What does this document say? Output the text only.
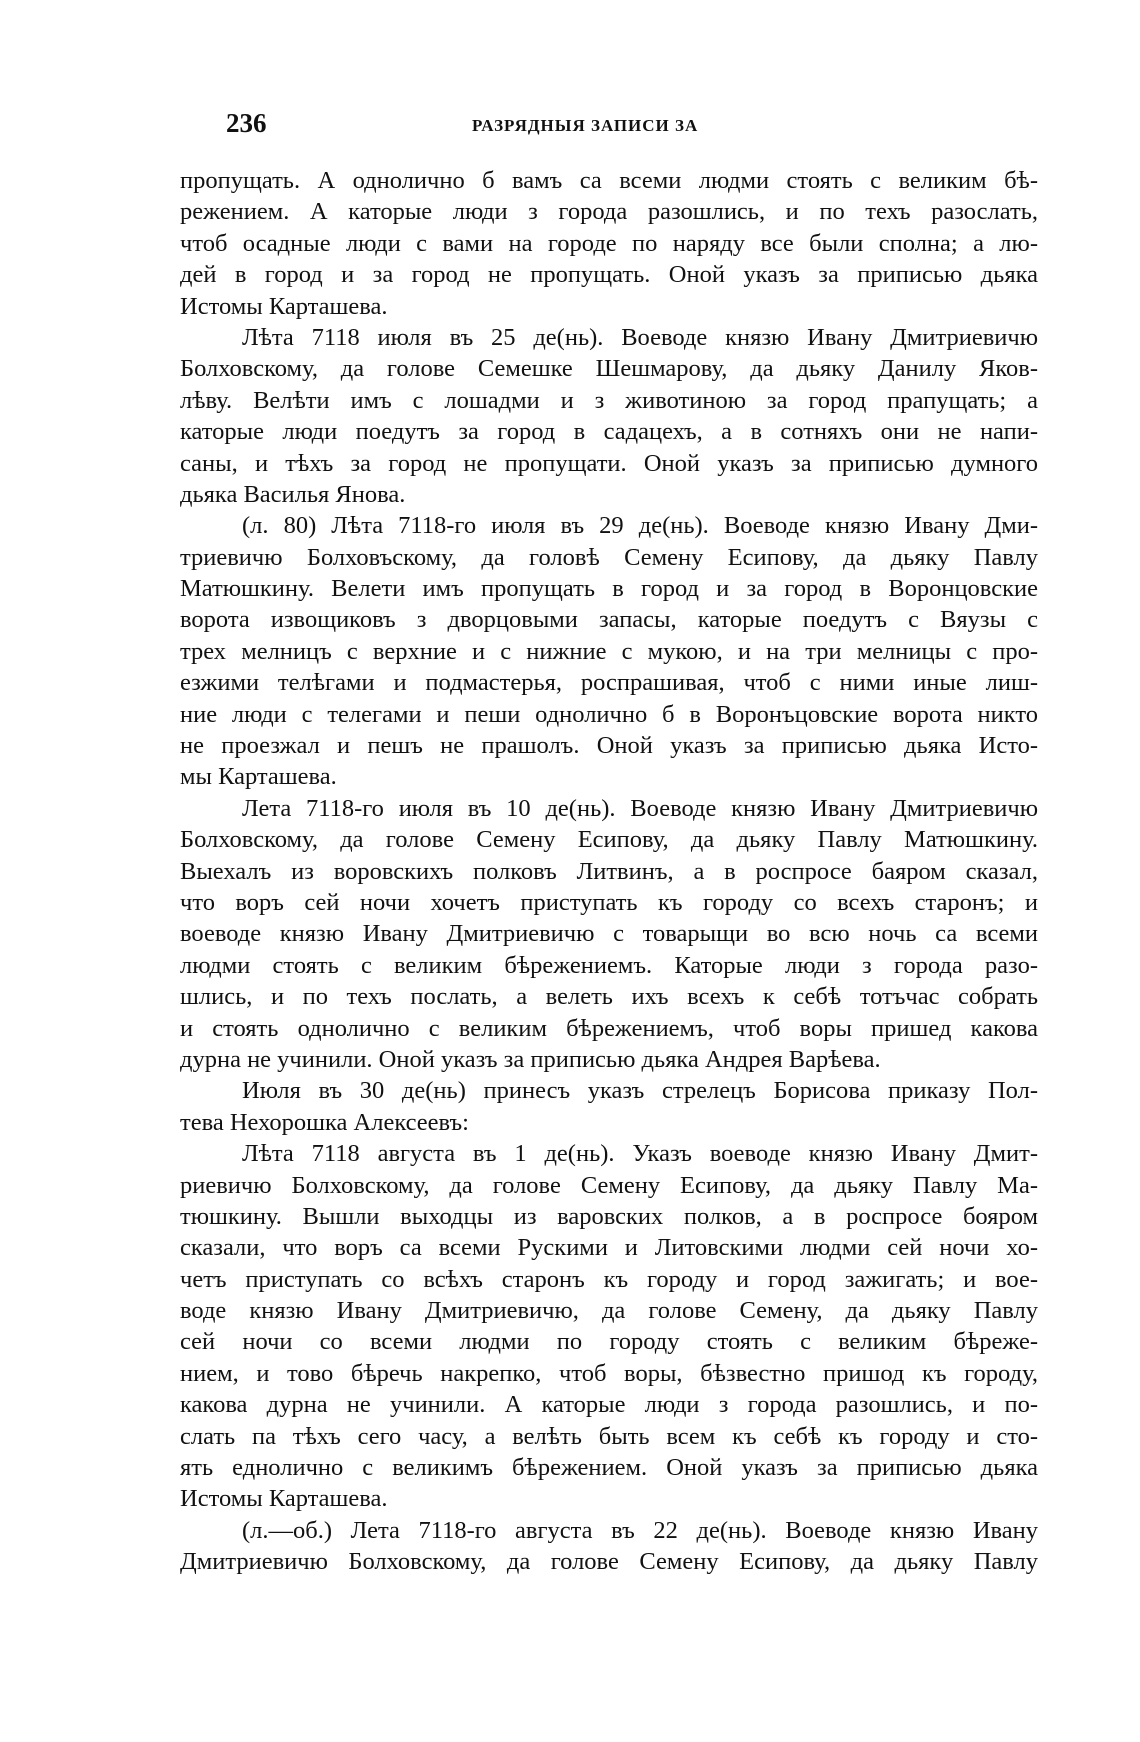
236	РАЗРЯДНЫЯ ЗАПИСИ ЗА
пропущать. А однолично б вамъ са всеми людми стоять с великим бѣ-
режением. А каторые люди з города разошлись, и по техъ разослать,
чтоб осадные люди с вами на городе по наряду все были сполна; а лю-
дей в город и за город не пропущать. Оной указъ за приписью дьяка
Истомы Карташева.
Лѣта 7118 июля въ 25 де(нь). Воеводе князю Ивану Дмитриевичю
Болховскому, да голове Семешке Шешмарову, да дьяку Данилу Яков-
лѣву. Велѣти имъ с лошадми и з животиною за город прапущать; а
каторые люди поедутъ за город в садацехъ, а в сотняхъ они не напи-
саны, и тѣхъ за город не пропущати. Оной указъ за приписью думного
дьяка Василья Янова.
(л. 80) Лѣта 7118-го июля въ 29 де(нь). Воеводе князю Ивану Дми-
триевичю Болховъскому, да головѣ Семену Есипову, да дьяку Павлу
Матюшкину. Велети имъ пропущать в город и за город в Воронцовские
ворота извощиковъ з дворцовыми запасы, каторые поедутъ с Вяузы с
трех мелницъ с верхние и с нижние с мукою, и на три мелницы с про-
езжими телѣгами и подмастерья, роспрашивая, чтоб с ними иные лиш-
ние люди с телегами и пеши однолично б в Воронъцовские ворота никто
не проезжал и пешъ не прашолъ. Оной указъ за приписью дьяка Исто-
мы Карташева.
Лета 7118-го июля въ 10 де(нь). Воеводе князю Ивану Дмитриевичю
Болховскому, да голове Семену Есипову, да дьяку Павлу Матюшкину.
Выехалъ из воровскихъ полковъ Литвинъ, а в роспросе баяром сказал,
что воръ сей ночи хочетъ приступать къ городу со всехъ старонъ; и
воеводе князю Ивану Дмитриевичю с товарыщи во всю ночь са всеми
людми стоять с великим бѣрежениемъ. Каторые люди з города разо-
шлись, и по техъ послать, а велеть ихъ всехъ к себѣ тотъчас собрать
и стоять однолично с великим бѣрежениемъ, чтоб воры пришед какова
дурна не учинили. Оной указъ за приписью дьяка Андрея Варѣева.
Июля въ 30 де(нь) принесъ указъ стрелецъ Борисова приказу Пол-
тева Нехорошка Алексеевъ:
Лѣта 7118 августа въ 1 де(нь). Указъ воеводе князю Ивану Дмит-
риевичю Болховскому, да голове Семену Есипову, да дьяку Павлу Ма-
тюшкину. Вышли выходцы из варовских полков, а в роспросе бояром
сказали, что воръ са всеми Рускими и Литовскими людми сей ночи хо-
четъ приступать со всѣхъ старонъ къ городу и город зажигать; и вое-
воде князю Ивану Дмитриевичю, да голове Семену, да дьяку Павлу
сей ночи со всеми людми по городу стоять с великим бѣреже-
нием, и тово бѣречь накрепко, чтоб воры, бѣзвестно пришод къ городу,
какова дурна не учинили. А каторые люди з города разошлись, и по-
слать па тѣхъ сего часу, а велѣть быть всем къ себѣ къ городу и сто-
ять еднолично с великимъ бѣрежением. Оной указъ за приписью дьяка
Истомы Карташева.
(л.—об.) Лета 7118-го августа въ 22 де(нь). Воеводе князю Ивану
Дмитриевичю Болховскому, да голове Семену Есипову, да дьяку Павлу
